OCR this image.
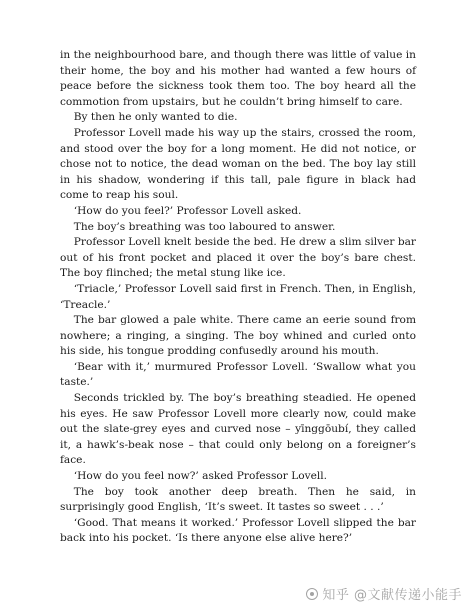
in the neighbourhood bare, and though there was little of value in their home, the boy and his mother had wanted a few hours of peace before the sickness took them too. The boy heard all the commotion from upstairs, but he couldn’t bring himself to care.

By then he only wanted to die.

Professor Lovell made his way up the stairs, crossed the room, and stood over the boy for a long moment. He did not notice, or chose not to notice, the dead woman on the bed. The boy lay still in his shadow, wondering if this tall, pale figure in black had come to reap his soul.

‘How do you feel?’ Professor Lovell asked.

The boy’s breathing was too laboured to answer.

Professor Lovell knelt beside the bed. He drew a slim silver bar out of his front pocket and placed it over the boy’s bare chest. The boy flinched; the metal stung like ice.

‘Triacle,’ Professor Lovell said first in French. Then, in English, ‘Treacle.’

The bar glowed a pale white. There came an eerie sound from nowhere; a ringing, a singing. The boy whined and curled onto his side, his tongue prodding confusedly around his mouth.

‘Bear with it,’ murmured Professor Lovell. ‘Swallow what you taste.’

Seconds trickled by. The boy’s breathing steadied. He opened his eyes. He saw Professor Lovell more clearly now, could make out the slate-grey eyes and curved nose – yīnggōubí, they called it, a hawk’s-beak nose – that could only belong on a foreigner’s face.

‘How do you feel now?’ asked Professor Lovell.

The boy took another deep breath. Then he said, in surprisingly good English, ‘It’s sweet. It tastes so sweet . . .’

‘Good. That means it worked.’ Professor Lovell slipped the bar back into his pocket. ‘Is there anyone else alive here?’

知乎 @文献传递小能手
